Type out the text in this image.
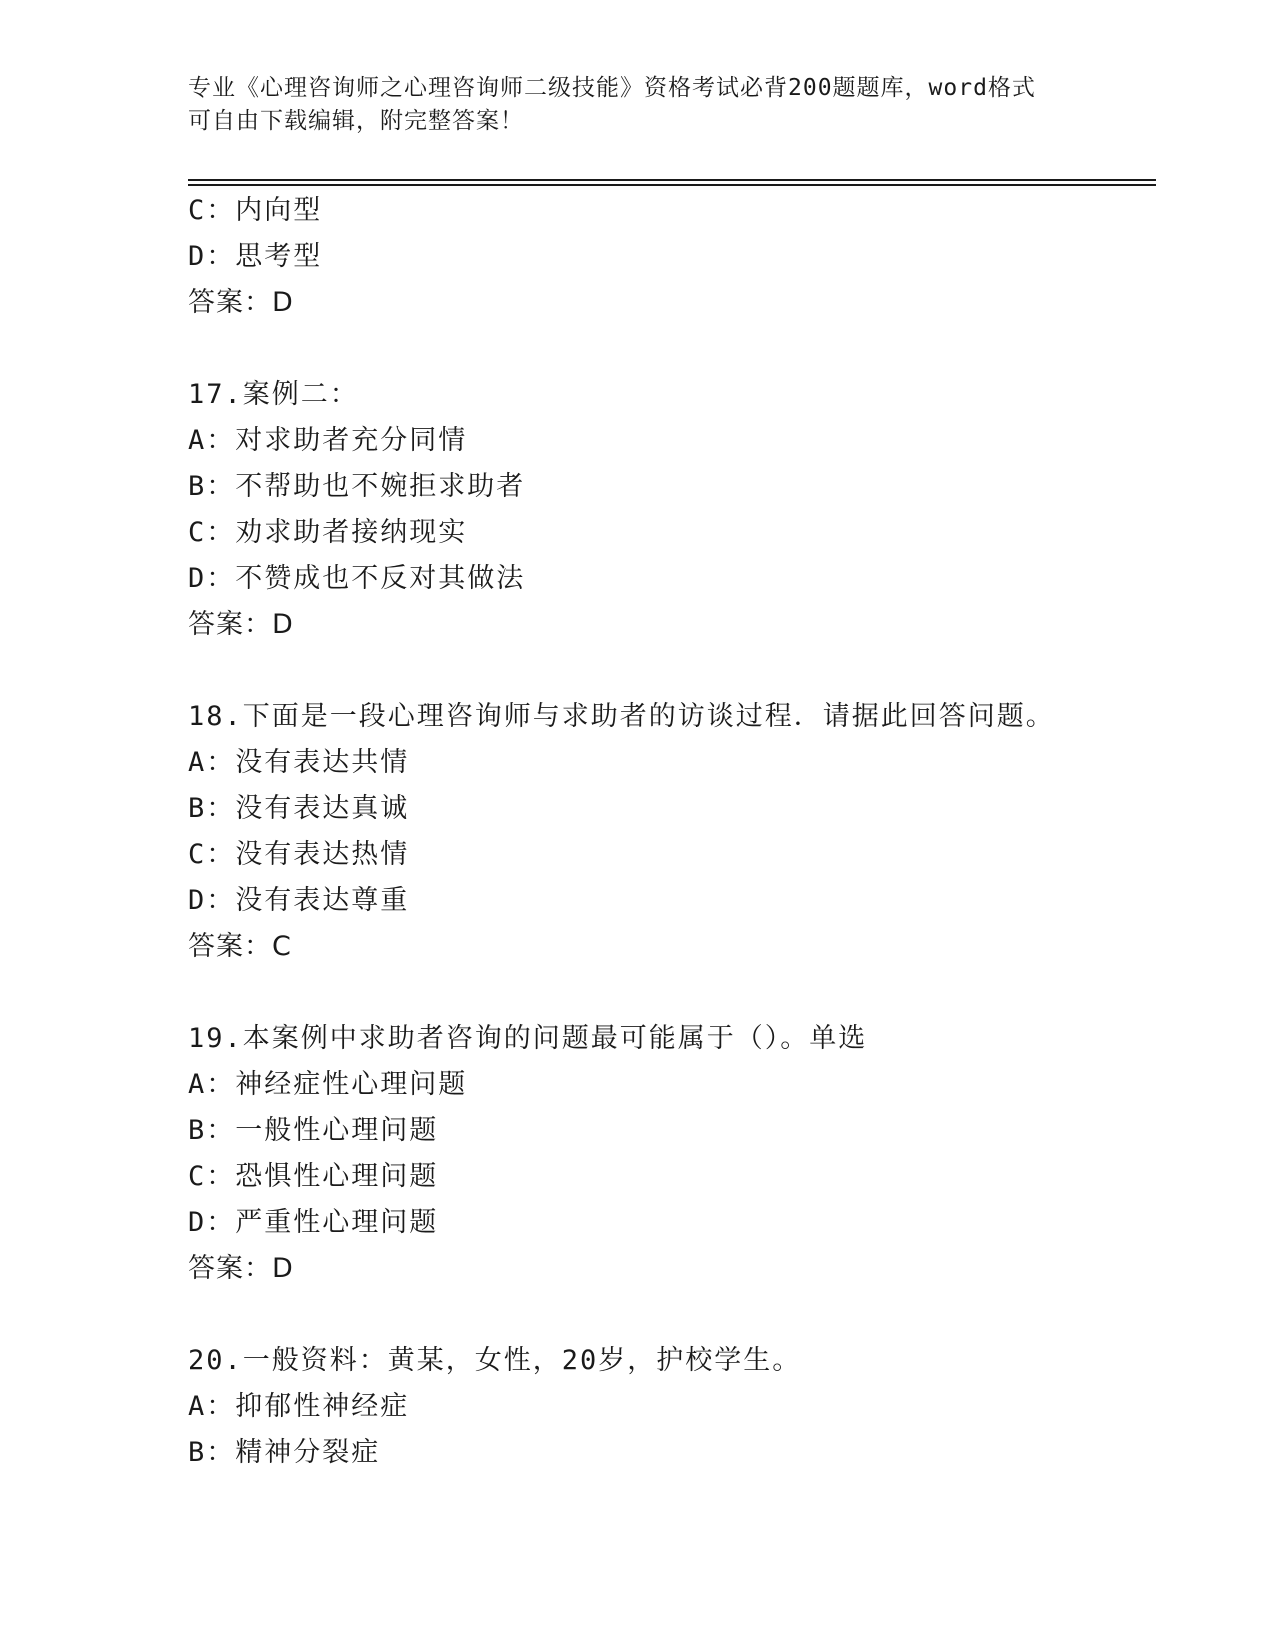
专业《心理咨询师之心理咨询师二级技能》资格考试必背200题题库，word格式
可自由下载编辑，附完整答案！
C：内向型
D：思考型
答案：D
17.案例二：
A：对求助者充分同情
B：不帮助也不婉拒求助者
C：劝求助者接纳现实
D：不赞成也不反对其做法
答案：D
18.下面是一段心理咨询师与求助者的访谈过程．请据此回答问题。
A：没有表达共情
B：没有表达真诚
C：没有表达热情
D：没有表达尊重
答案：C
19.本案例中求助者咨询的问题最可能属于（）。单选
A：神经症性心理问题
B：一般性心理问题
C：恐惧性心理问题
D：严重性心理问题
答案：D
20.一般资料：黄某，女性，20岁，护校学生。
A：抑郁性神经症
B：精神分裂症
